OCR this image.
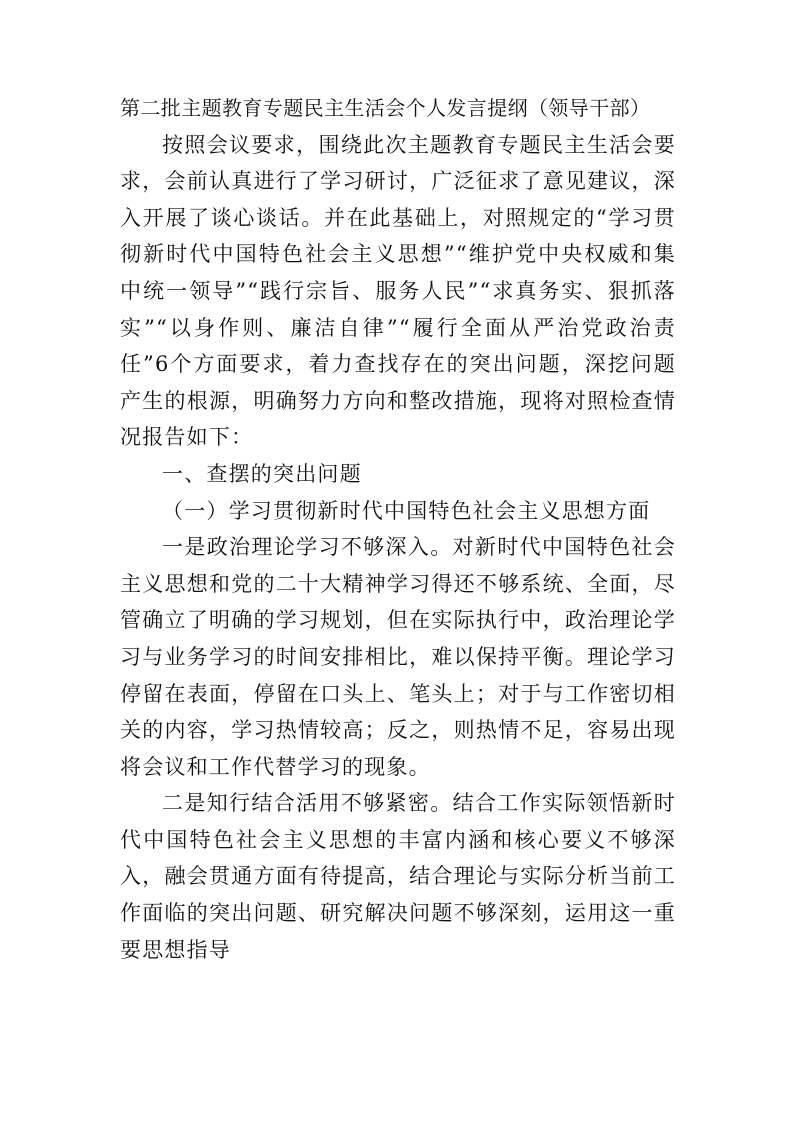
第二批主题教育专题民主生活会个人发言提纲（领导干部）

按照会议要求，围绕此次主题教育专题民主生活会要求，会前认真进行了学习研讨，广泛征求了意见建议，深入开展了谈心谈话。并在此基础上，对照规定的“学习贯彻新时代中国特色社会主义思想”“维护党中央权威和集中统一领导”“践行宗旨、服务人民”“求真务实、狠抓落实”“以身作则、廉洁自律”“履行全面从严治党政治责任”6个方面要求，着力查找存在的突出问题，深挖问题产生的根源，明确努力方向和整改措施，现将对照检查情况报告如下：

一、查摆的突出问题

（一）学习贯彻新时代中国特色社会主义思想方面

一是政治理论学习不够深入。对新时代中国特色社会主义思想和党的二十大精神学习得还不够系统、全面，尽管确立了明确的学习规划，但在实际执行中，政治理论学习与业务学习的时间安排相比，难以保持平衡。理论学习停留在表面，停留在口头上、笔头上；对于与工作密切相关的内容，学习热情较高；反之，则热情不足，容易出现将会议和工作代替学习的现象。

二是知行结合活用不够紧密。结合工作实际领悟新时代中国特色社会主义思想的丰富内涵和核心要义不够深入，融会贯通方面有待提高，结合理论与实际分析当前工作面临的突出问题、研究解决问题不够深刻，运用这一重要思想指导
